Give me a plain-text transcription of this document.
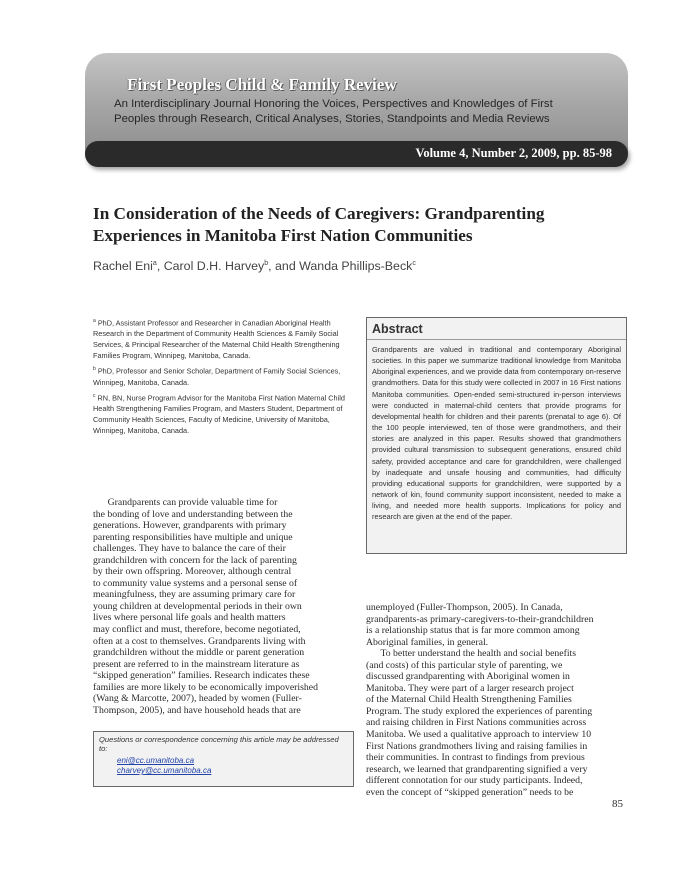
First Peoples Child & Family Review
An Interdisciplinary Journal Honoring the Voices, Perspectives and Knowledges of First
Peoples through Research, Critical Analyses, Stories, Standpoints and Media Reviews
Volume 4, Number 2, 2009, pp. 85-98
In Consideration of the Needs of Caregivers: Grandparenting
Experiences in Manitoba First Nation Communities
Rachel Eni$^a$, Carol D.H. Harvey$^b$, and Wanda Phillips-Beck$^c$
$^a$ PhD, Assistant Professor and Researcher in Canadian Aboriginal Health Research in the Department of Community Health Sciences & Family Social Services, & Principal Researcher of the Maternal Child Health Strengthening Families Program, Winnipeg, Manitoba, Canada.
$^b$ PhD, Professor and Senior Scholar, Department of Family Social Sciences, Winnipeg, Manitoba, Canada.
$^c$ RN, BN, Nurse Program Advisor for the Manitoba First Nation Maternal Child Health Strengthening Families Program, and Masters Student, Department of Community Health Sciences, Faculty of Medicine, University of Manitoba, Winnipeg, Manitoba, Canada.
Abstract
Grandparents are valued in traditional and contemporary Aboriginal societies. In this paper we summarize traditional knowledge from Manitoba Aboriginal experiences, and we provide data from contemporary on-reserve grandmothers. Data for this study were collected in 2007 in 16 First nations Manitoba communities. Open-ended semi-structured in-person interviews were conducted in maternal-child centers that provide programs for developmental health for children and their parents (prenatal to age 6). Of the 100 people interviewed, ten of those were grandmothers, and their stories are analyzed in this paper. Results showed that grandmothers provided cultural transmission to subsequent generations, ensured child safety, provided acceptance and care for grandchildren, were challenged by inadequate and unsafe housing and communities, had difficulty providing educational supports for grandchildren, were supported by a network of kin, found community support inconsistent, needed to make a living, and needed more health supports. Implications for policy and research are given at the end of the paper.
Grandparents can provide valuable time for
the bonding of love and understanding between the
generations. However, grandparents with primary
parenting responsibilities have multiple and unique
challenges. They have to balance the care of their
grandchildren with concern for the lack of parenting
by their own offspring. Moreover, although central
to community value systems and a personal sense of
meaningfulness, they are assuming primary care for
young children at developmental periods in their own
lives where personal life goals and health matters
may conflict and must, therefore, become negotiated,
often at a cost to themselves. Grandparents living with
grandchildren without the middle or parent generation
present are referred to in the mainstream literature as
“skipped generation” families. Research indicates these
families are more likely to be economically impoverished
(Wang & Marcotte, 2007), headed by women (Fuller-
Thompson, 2005), and have household heads that are
unemployed (Fuller-Thompson, 2005). In Canada,
grandparents-as primary-caregivers-to-their-grandchildren
is a relationship status that is far more common among
Aboriginal families, in general.
To better understand the health and social benefits
(and costs) of this particular style of parenting, we
discussed grandparenting with Aboriginal women in
Manitoba. They were part of a larger research project
of the Maternal Child Health Strengthening Families
Program. The study explored the experiences of parenting
and raising children in First Nations communities across
Manitoba. We used a qualitative approach to interview 10
First Nations grandmothers living and raising families in
their communities. In contrast to findings from previous
research, we learned that grandparenting signified a very
different connotation for our study participants. Indeed,
even the concept of “skipped generation” needs to be
Questions or correspondence concerning this article may be addressed to:
eni@cc.umanitoba.ca
charvey@cc.umanitoba.ca
85
